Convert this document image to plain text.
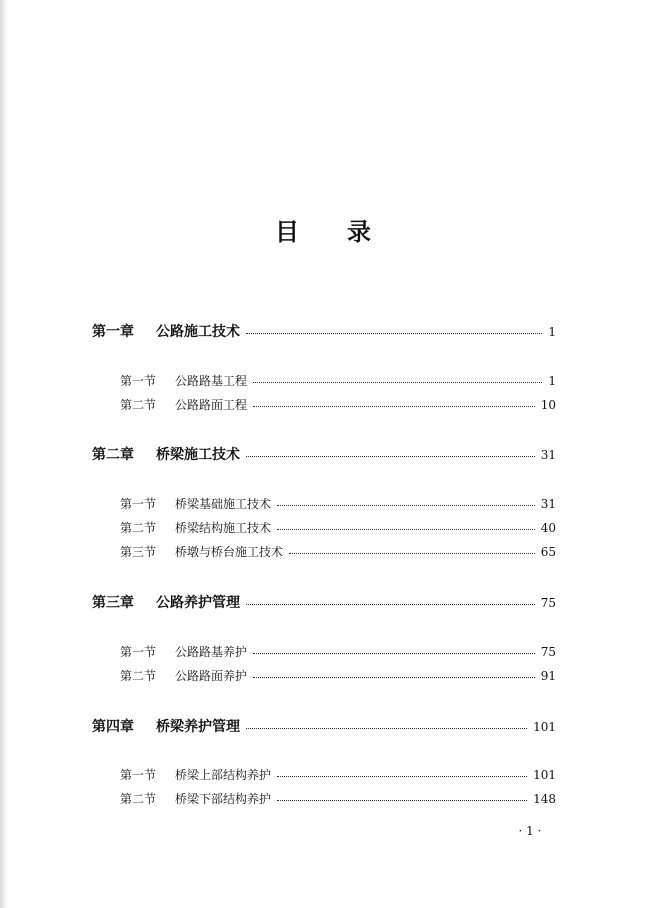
目 录
第一章	公路施工技术	1
第一节	公路路基工程	1
第二节	公路路面工程	10
第二章	桥梁施工技术	31
第一节	桥梁基础施工技术	31
第二节	桥梁结构施工技术	40
第三节	桥墩与桥台施工技术	65
第三章	公路养护管理	75
第一节	公路路基养护	75
第二节	公路路面养护	91
第四章	桥梁养护管理	101
第一节	桥梁上部结构养护	101
第二节	桥梁下部结构养护	148
· 1 ·
